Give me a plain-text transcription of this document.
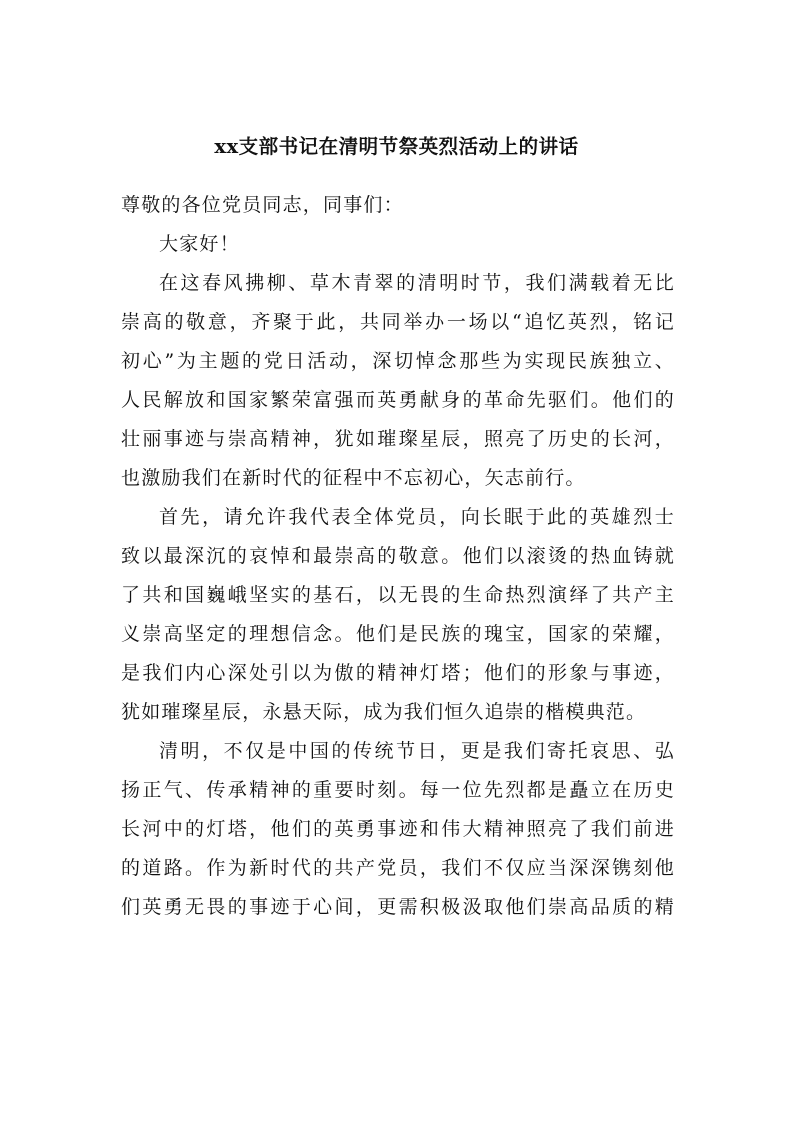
xx支部书记在清明节祭英烈活动上的讲话
尊敬的各位党员同志，同事们：
大家好！
在这春风拂柳、草木青翠的清明时节，我们满载着无比
崇高的敬意，齐聚于此，共同举办一场以“追忆英烈，铭记
初心”为主题的党日活动，深切悼念那些为实现民族独立、
人民解放和国家繁荣富强而英勇献身的革命先驱们。他们的
壮丽事迹与崇高精神，犹如璀璨星辰，照亮了历史的长河，
也激励我们在新时代的征程中不忘初心，矢志前行。
首先，请允许我代表全体党员，向长眠于此的英雄烈士
致以最深沉的哀悼和最崇高的敬意。他们以滚烫的热血铸就
了共和国巍峨坚实的基石，以无畏的生命热烈演绎了共产主
义崇高坚定的理想信念。他们是民族的瑰宝，国家的荣耀，
是我们内心深处引以为傲的精神灯塔；他们的形象与事迹，
犹如璀璨星辰，永悬天际，成为我们恒久追崇的楷模典范。
清明，不仅是中国的传统节日，更是我们寄托哀思、弘
扬正气、传承精神的重要时刻。每一位先烈都是矗立在历史
长河中的灯塔，他们的英勇事迹和伟大精神照亮了我们前进
的道路。作为新时代的共产党员，我们不仅应当深深镌刻他
们英勇无畏的事迹于心间，更需积极汲取他们崇高品质的精
